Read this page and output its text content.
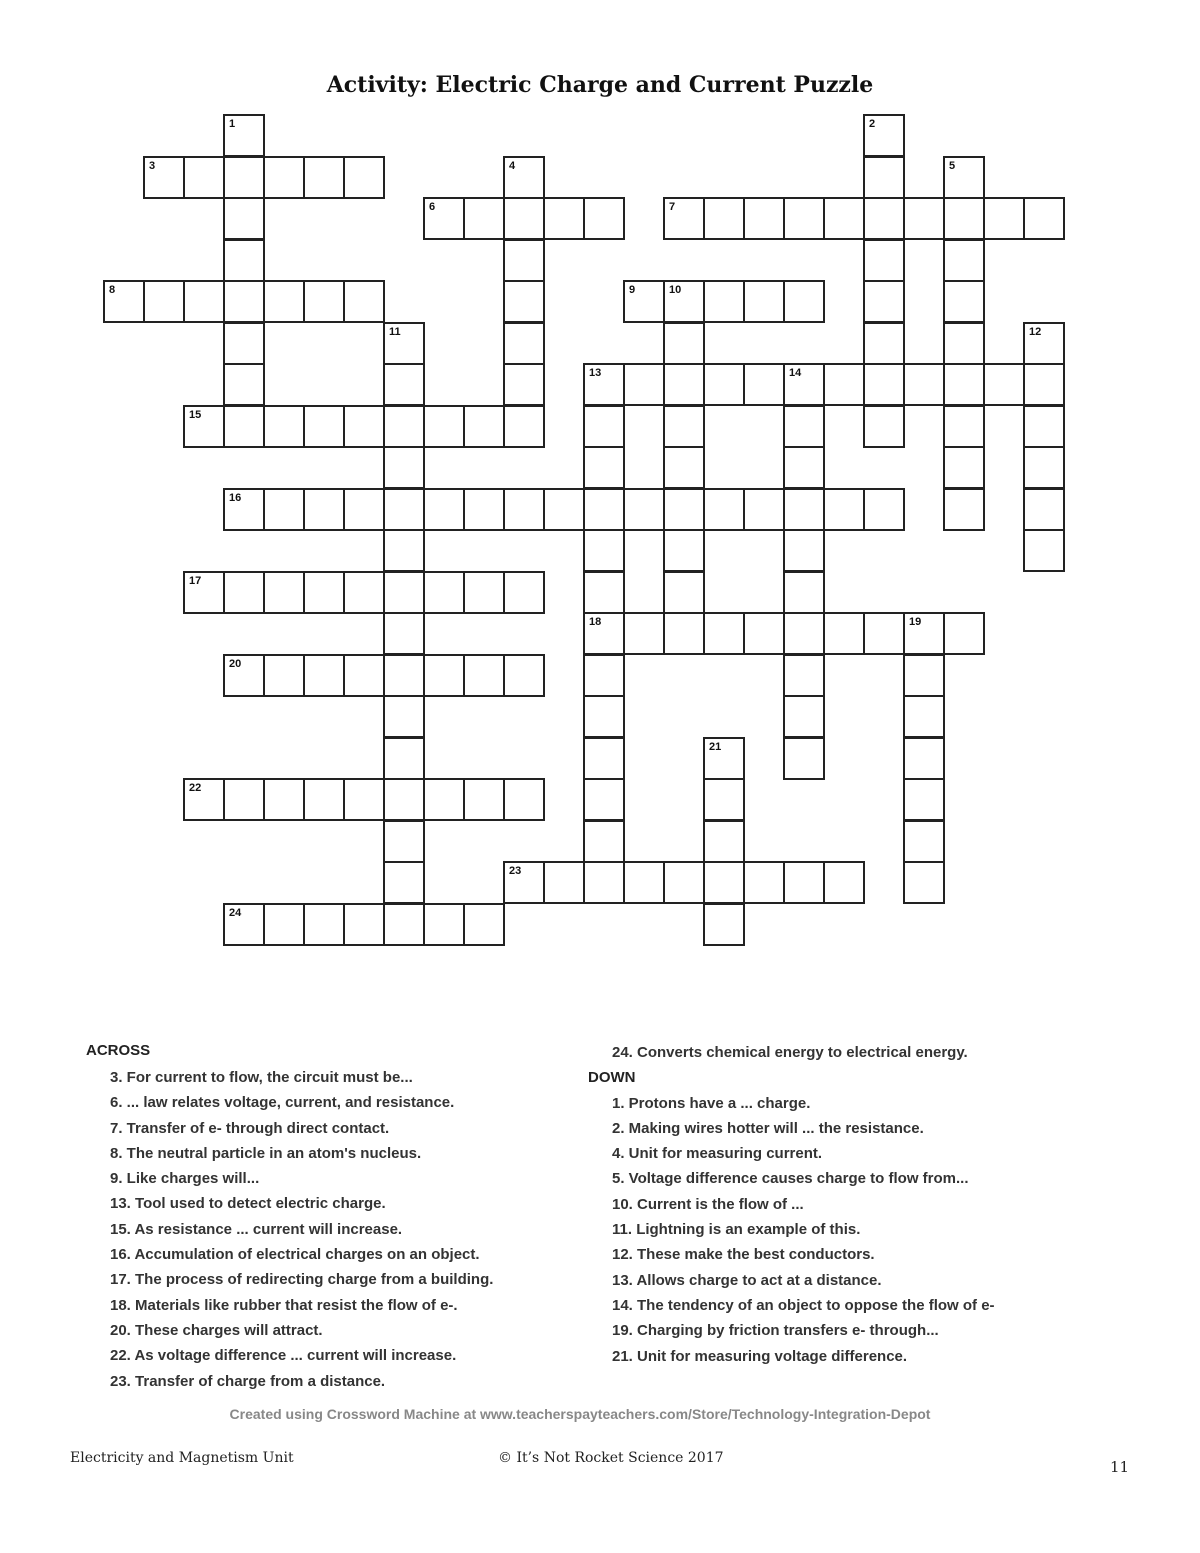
Activity: Electric Charge and Current Puzzle
1	2
3	4	5
6	7
8	9	10
11	12
13	14
15
16
17
18	19
20
21
22
23
24
ACROSS
3. For current to flow, the circuit must be...
6. ... law relates voltage, current, and resistance.
7. Transfer of e- through direct contact.
8. The neutral particle in an atom's nucleus.
9. Like charges will...
13. Tool used to detect electric charge.
15. As resistance ... current will increase.
16. Accumulation of electrical charges on an object.
17. The process of redirecting charge from a building.
18. Materials like rubber that resist the flow of e-.
20. These charges will attract.
22. As voltage difference ... current will increase.
23. Transfer of charge from a distance.
24. Converts chemical energy to electrical energy.
DOWN
1. Protons have a ... charge.
2. Making wires hotter will ... the resistance.
4. Unit for measuring current.
5. Voltage difference causes charge to flow from...
10. Current is the flow of ...
11. Lightning is an example of this.
12. These make the best conductors.
13. Allows charge to act at a distance.
14. The tendency of an object to oppose the flow of e-
19. Charging by friction transfers e- through...
21. Unit for measuring voltage difference.
Created using Crossword Machine at www.teacherspayteachers.com/Store/Technology-Integration-Depot
Electricity and Magnetism Unit	© It’s Not Rocket Science 2017	11
